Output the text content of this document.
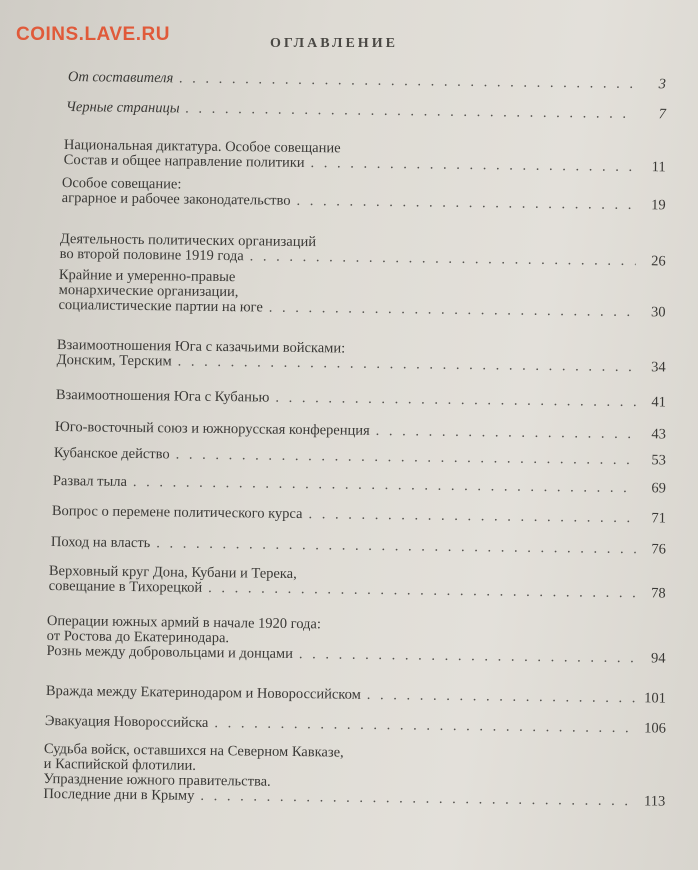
COINS.LAVE.RU	ОГЛАВЛЕНИЕ
От составителя . . .	3
Черные страницы . . .	7
Национальная диктатура. Особое совещание
Состав и общее направление политики . . .	11
Особое совещание:
аграрное и рабочее законодательство . . .	19
Деятельность политических организаций
во второй половине 1919 года . . .	26
Крайние и умеренно-правые
монархические организации,
социалистические партии на юге . . .	30
Взаимоотношения Юга с казачьими войсками:
Донским, Терским . . .	34
Взаимоотношения Юга с Кубанью . . .	41
Юго-восточный союз и южнорусская конференция . . .	43
Кубанское действо . . .	53
Развал тыла . . .	69
Вопрос о перемене политического курса . . .	71
Поход на власть . . .	76
Верховный круг Дона, Кубани и Терека,
совещание в Тихорецкой . . .	78
Операции южных армий в начале 1920 года:
от Ростова до Екатеринодара.
Рознь между добровольцами и донцами . . .	94
Вражда между Екатеринодаром и Новороссийском . . .	101
Эвакуация Новороссийска . . .	106
Судьба войск, оставшихся на Северном Кавказе,
и Каспийской флотилии.
Упразднение южного правительства.
Последние дни в Крыму . . .	113
